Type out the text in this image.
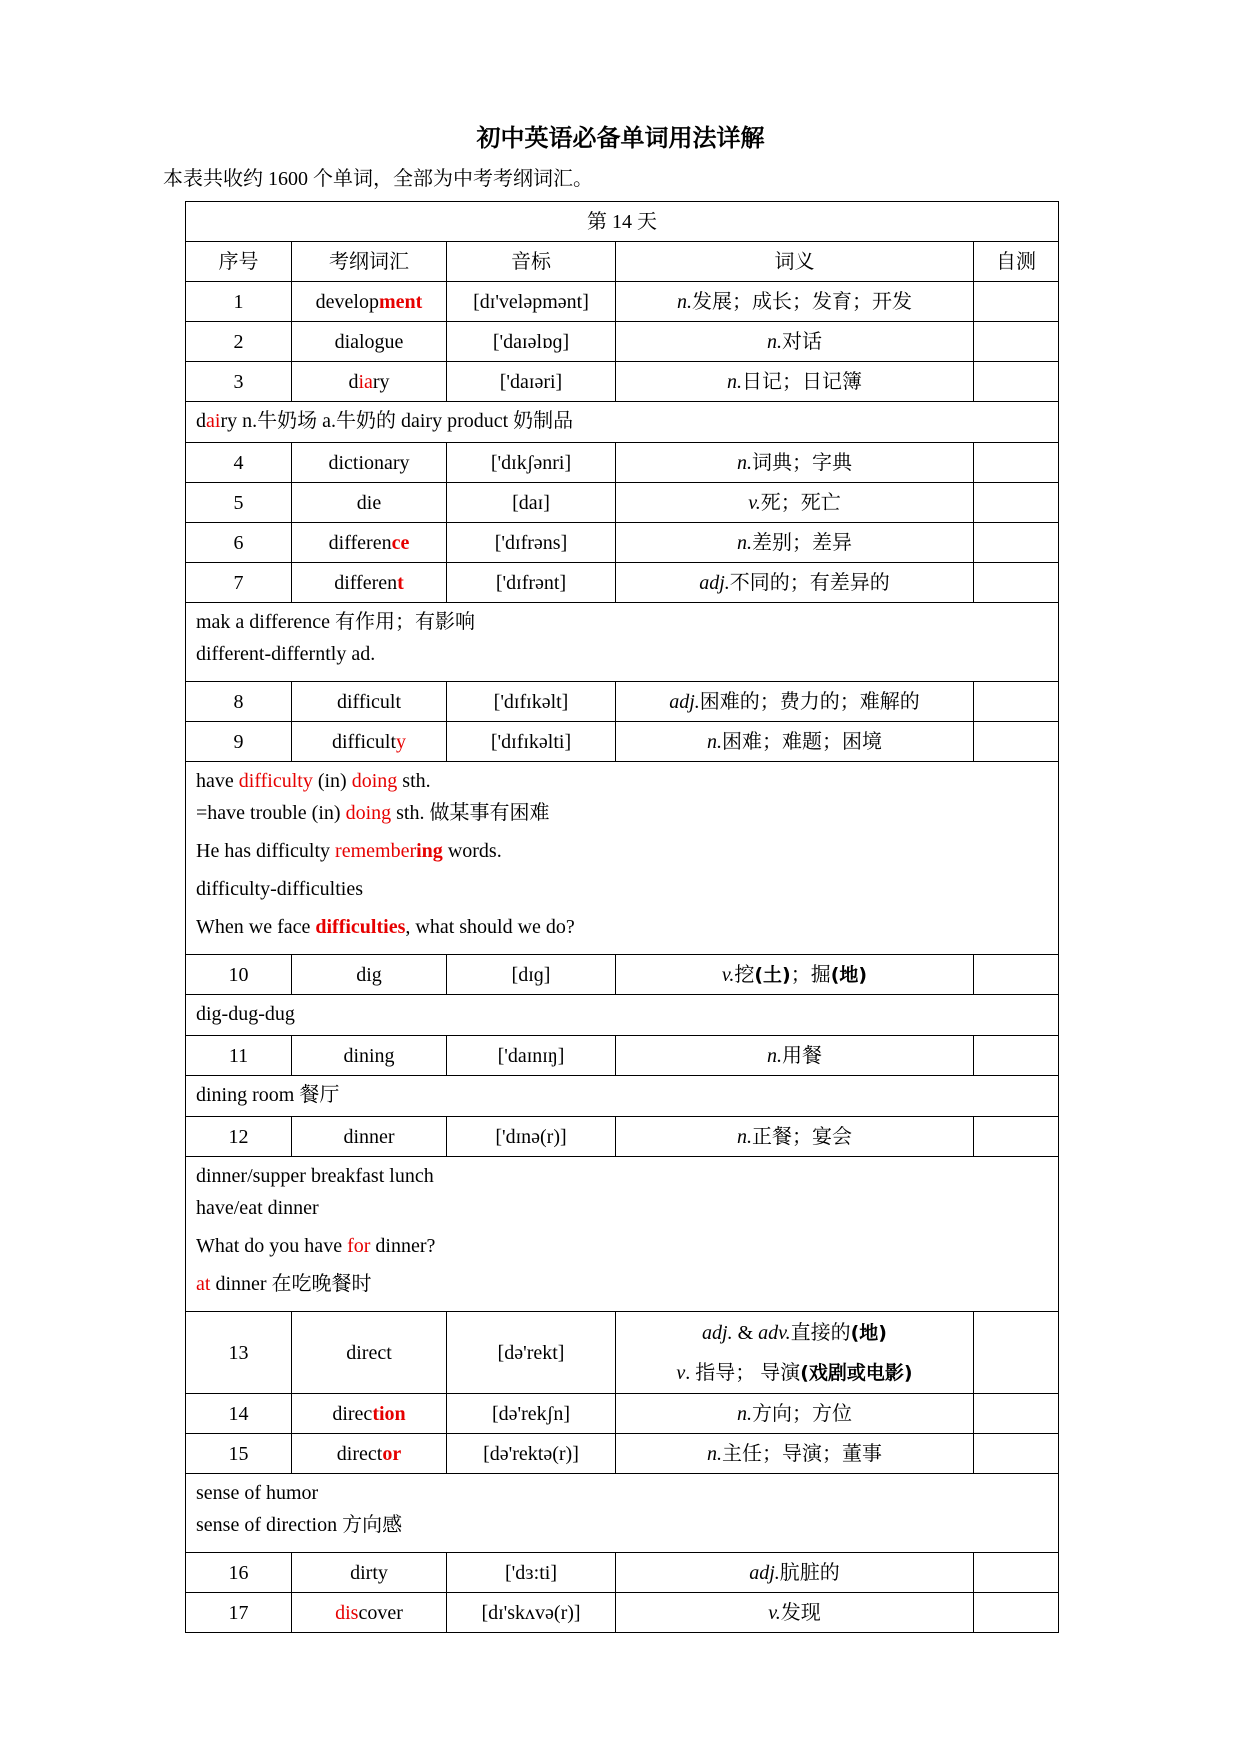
初中英语必备单词用法详解
本表共收约 1600 个单词，全部为中考考纲词汇。
第 14 天				
序号	考纲词汇	音标	词义	自测
1	development	[dɪ'veləpmənt]	n.发展；成长；发育；开发	
2	dialogue	['daɪəlɒɡ]	n.对话	
3	diary	['daɪəri]	n.日记；日记簿	

dairy n.牛奶场 a.牛奶的 dairy product 奶制品				

4	dictionary	['dɪkʃənri]	n.词典；字典	
5	die	[daɪ]	v.死；死亡	
6	difference	['dɪfrəns]	n.差别；差异	
7	different	['dɪfrənt]	adj.不同的；有差异的	

mak a difference 有作用；有影响
different-differntly ad.				

8	difficult	['dɪfɪkəlt]	adj.困难的；费力的；难解的	
9	difficulty	['dɪfɪkəlti]	n.困难；难题；困境	

have difficulty (in) doing sth.
=have trouble (in) doing sth. 做某事有困难
He has difficulty remembering words.
difficulty-difficulties
When we face difficulties, what should we do?				

10	dig	[dɪɡ]	v.挖(土)；掘(地)	

dig-dug-dug				

11	dining	['daɪnɪŋ]	n.用餐	

dining room 餐厅				

12	dinner	['dɪnə(r)]	n.正餐；宴会	

dinner/supper breakfast lunch
have/eat dinner
What do you have for dinner?
at dinner 在吃晚餐时				

13	direct	[də'rekt]	adj. & adv.直接的(地)
v. 指导； 导演(戏剧或电影)	

14	direction	[də'rekʃn]	n.方向；方位	
15	director	[də'rektə(r)]	n.主任；导演；董事	

sense of humor
sense of direction 方向感				

16	dirty	['dɜ:ti]	adj.肮脏的	
17	discover	[dɪ'skʌvə(r)]	v.发现	
